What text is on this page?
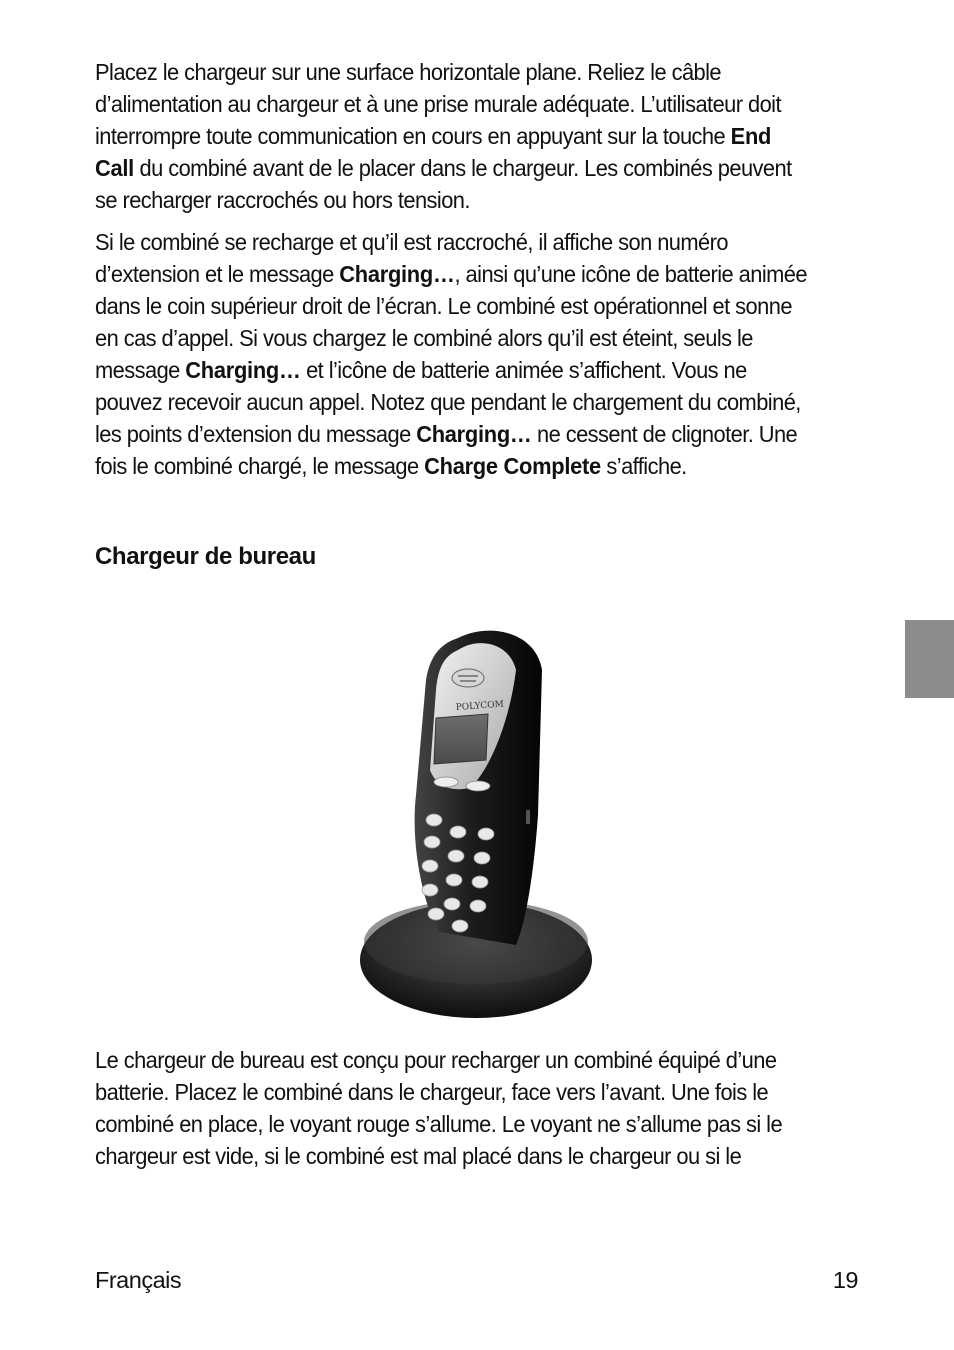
Placez le chargeur sur une surface horizontale plane. Reliez le câble d’alimentation au chargeur et à une prise murale adéquate. L’utilisateur doit interrompre toute communication en cours en appuyant sur la touche End Call du combiné avant de le placer dans le chargeur. Les combinés peuvent se recharger raccrochés ou hors tension.

Si le combiné se recharge et qu’il est raccroché, il affiche son numéro d’extension et le message Charging…, ainsi qu’une icône de batterie animée dans le coin supérieur droit de l’écran. Le combiné est opérationnel et sonne en cas d’appel. Si vous chargez le combiné alors qu’il est éteint, seuls le message Charging… et l’icône de batterie animée s’affichent. Vous ne pouvez recevoir aucun appel. Notez que pendant le chargement du combiné, les points d’extension du message Charging… ne cessent de clignoter. Une fois le combiné chargé, le message Charge Complete s’affiche.

Chargeur de bureau
POLYCOM

Le chargeur de bureau est conçu pour recharger un combiné équipé d’une batterie. Placez le combiné dans le chargeur, face vers l’avant. Une fois le combiné en place, le voyant rouge s’allume. Le voyant ne s’allume pas si le chargeur est vide, si le combiné est mal placé dans le chargeur ou si le

Français	19
